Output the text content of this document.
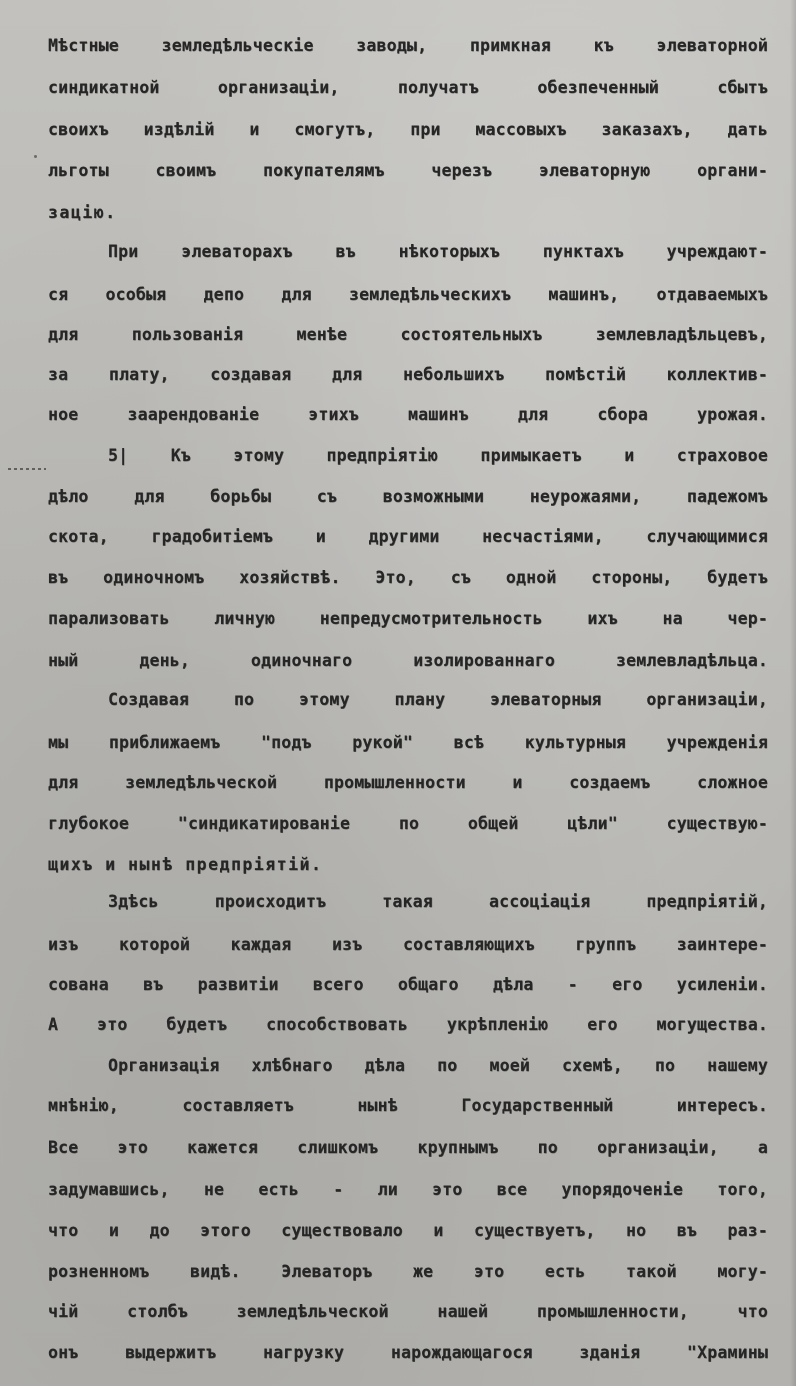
Мѣстные земледѣльческіе заводы, примкная къ элеваторной

синдикатной организаціи, получатъ обезпеченный сбытъ

своихъ издѣлій и смогутъ, при массовыхъ заказахъ, дать

льготы своимъ покупателямъ черезъ элеваторную органи-

зацію.

При элеваторахъ въ нѣкоторыхъ пунктахъ учреждают-

ся особыя депо для земледѣльческихъ машинъ, отдаваемыхъ

для пользованія менѣе состоятельныхъ землевладѣльцевъ,

за плату, создавая для небольшихъ помѣстій коллектив-

ное заарендованіе этихъ машинъ для сбора урожая.

5| Къ этому предпріятію примыкаетъ и страховое

дѣло для борьбы съ возможными неурожаями, падежомъ

скота, градобитіемъ и другими несчастіями, случающимися

въ одиночномъ хозяйствѣ. Это, съ одной стороны, будетъ

парализовать личную непредусмотрительность ихъ на чер-

ный день, одиночнаго изолированнаго землевладѣльца.

Создавая по этому плану элеваторныя организаціи,

мы приближаемъ "подъ рукой" всѣ культурныя учрежденія

для земледѣльческой промышленности и создаемъ сложное

глубокое "синдикатированіе по общей цѣли" существую-

щихъ и нынѣ предпріятій.

Здѣсь происходитъ такая ассоціація предпріятій,

изъ которой каждая изъ составляющихъ группъ заинтере-

сована въ развитіи всего общаго дѣла - его усиленіи.

А это будетъ способствовать укрѣпленію его могущества.

Организація хлѣбнаго дѣла по моей схемѣ, по нашему

мнѣнію, составляетъ нынѣ Государственный интересъ.

Все это кажется слишкомъ крупнымъ по организаціи, а

задумавшись, не есть - ли это все упорядоченіе того,

что и до этого существовало и существуетъ, но въ раз-

розненномъ видѣ. Элеваторъ же это есть такой могу-

чій столбъ земледѣльческой нашей промышленности, что

онъ выдержитъ нагрузку нарождающагося зданія "Храмины
